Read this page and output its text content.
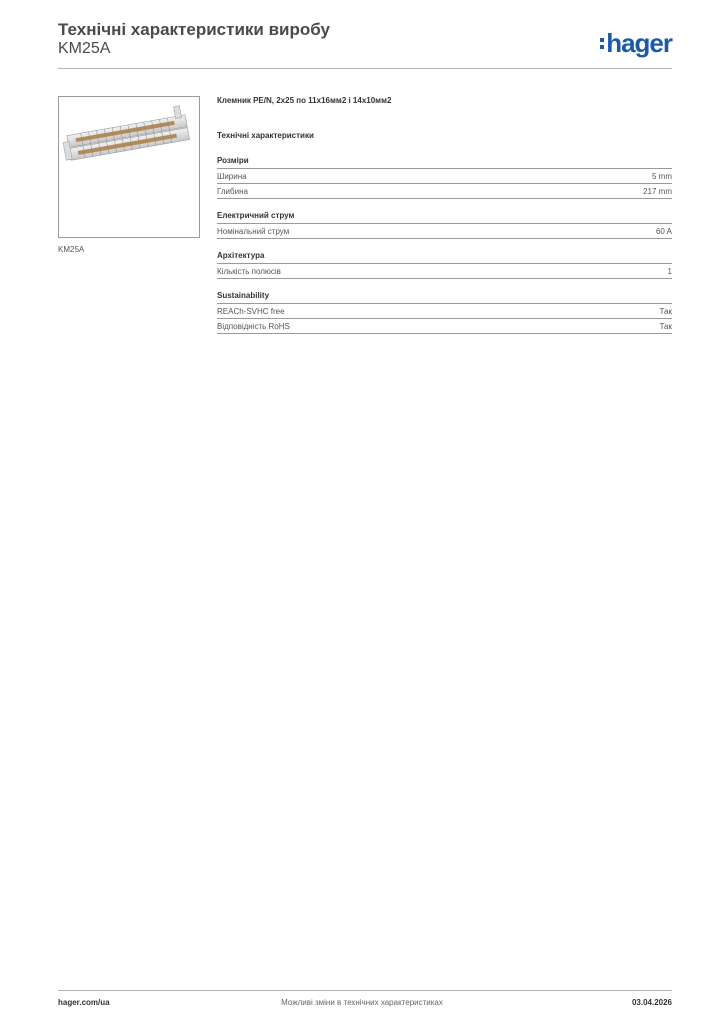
Технічні характеристики виробу
KM25A	hager
KM25A
Клемник PE/N, 2x25 по 11x16мм2 і 14x10мм2
Технічні характеристики
Розміри
Ширина	5 mm
Глибина	217 mm
Електричний струм
Номінальний струм	60 A
Архітектура
Кількість полюсів	1
Sustainability
REACh-SVHC free	Так
Відповідність RoHS	Так
hager.com/ua	Можливі зміни в технічних характеристиках	03.04.2026
